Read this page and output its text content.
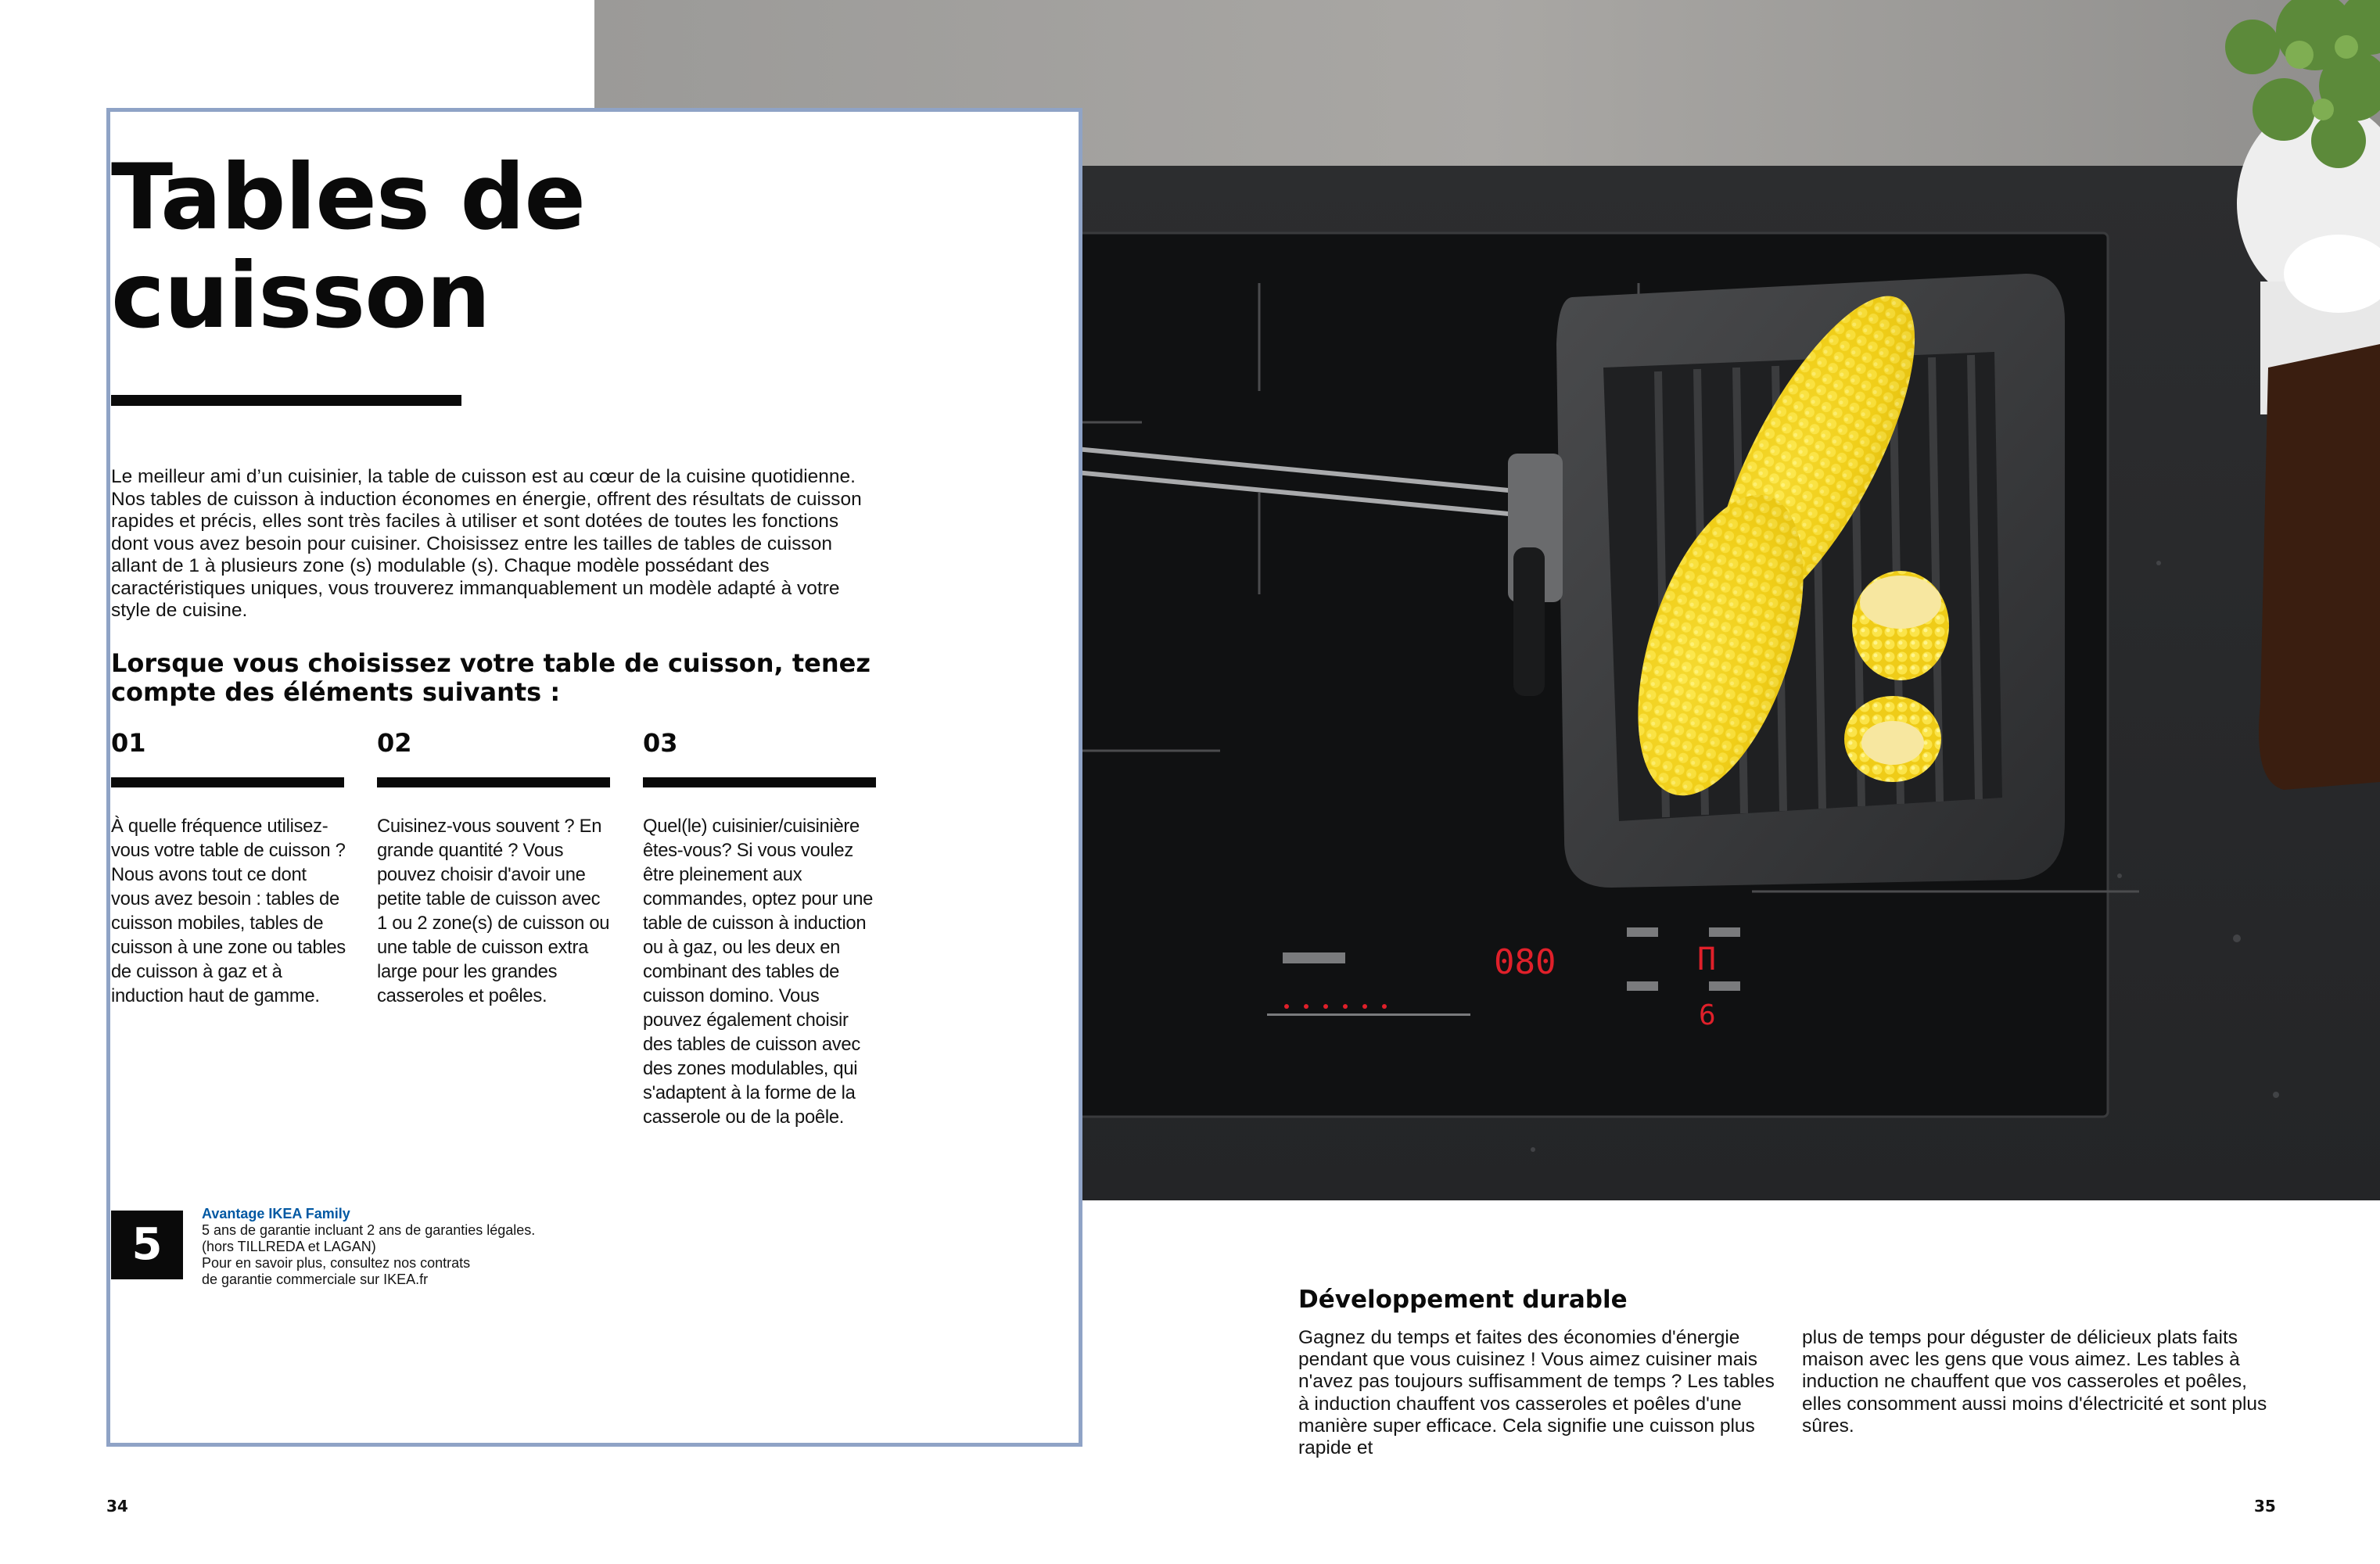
080	П
6
Tables de
cuisson

Le meilleur ami d’un cuisinier, la table de cuisson est au cœur de la cuisine quotidienne. Nos tables de cuisson à induction économes en énergie, offrent des résultats de cuisson rapides et précis, elles sont très faciles à utiliser et sont dotées de toutes les fonctions dont vous avez besoin pour cuisiner. Choisissez entre les tailles de tables de cuisson allant de 1 à plusieurs zone (s) modulable (s). Chaque modèle possédant des caractéristiques uniques, vous trouverez immanquablement un modèle adapté à votre style de cuisine.

Lorsque vous choisissez votre table de cuisson, tenez compte des éléments suivants :

01

À quelle fréquence utilisez-vous votre table de cuisson ? Nous avons tout ce dont vous avez besoin : tables de cuisson mobiles, tables de cuisson à une zone ou tables de cuisson à gaz et à induction haut de gamme.

02

Cuisinez-vous souvent ? En grande quantité ? Vous pouvez choisir d'avoir une petite table de cuisson avec 1 ou 2 zone(s) de cuisson ou une table de cuisson extra large pour les grandes casseroles et poêles.

03

Quel(le) cuisinier/cuisinière êtes-vous? Si vous voulez être pleinement aux commandes, optez pour une table de cuisson à induction ou à gaz, ou les deux en combinant des tables de cuisson domino. Vous pouvez également choisir des tables de cuisson avec des zones modulables, qui s'adaptent à la forme de la casserole ou de la poêle.

5

Avantage IKEA Family

5 ans de garantie incluant 2 ans de garanties légales.

(hors TILLREDA et LAGAN)

Pour en savoir plus, consultez nos contrats

de garantie commerciale sur IKEA.fr

34
Développement durable

Gagnez du temps et faites des économies d'énergie pendant que vous cuisinez ! Vous aimez cuisiner mais n'avez pas toujours suffisamment de temps ? Les tables à induction chauffent vos casseroles et poêles d'une manière super efficace. Cela signifie une cuisson plus rapide et

plus de temps pour déguster de délicieux plats faits maison avec les gens que vous aimez. Les tables à induction ne chauffent que vos casseroles et poêles, elles consomment aussi moins d'électricité et sont plus sûres.

35
